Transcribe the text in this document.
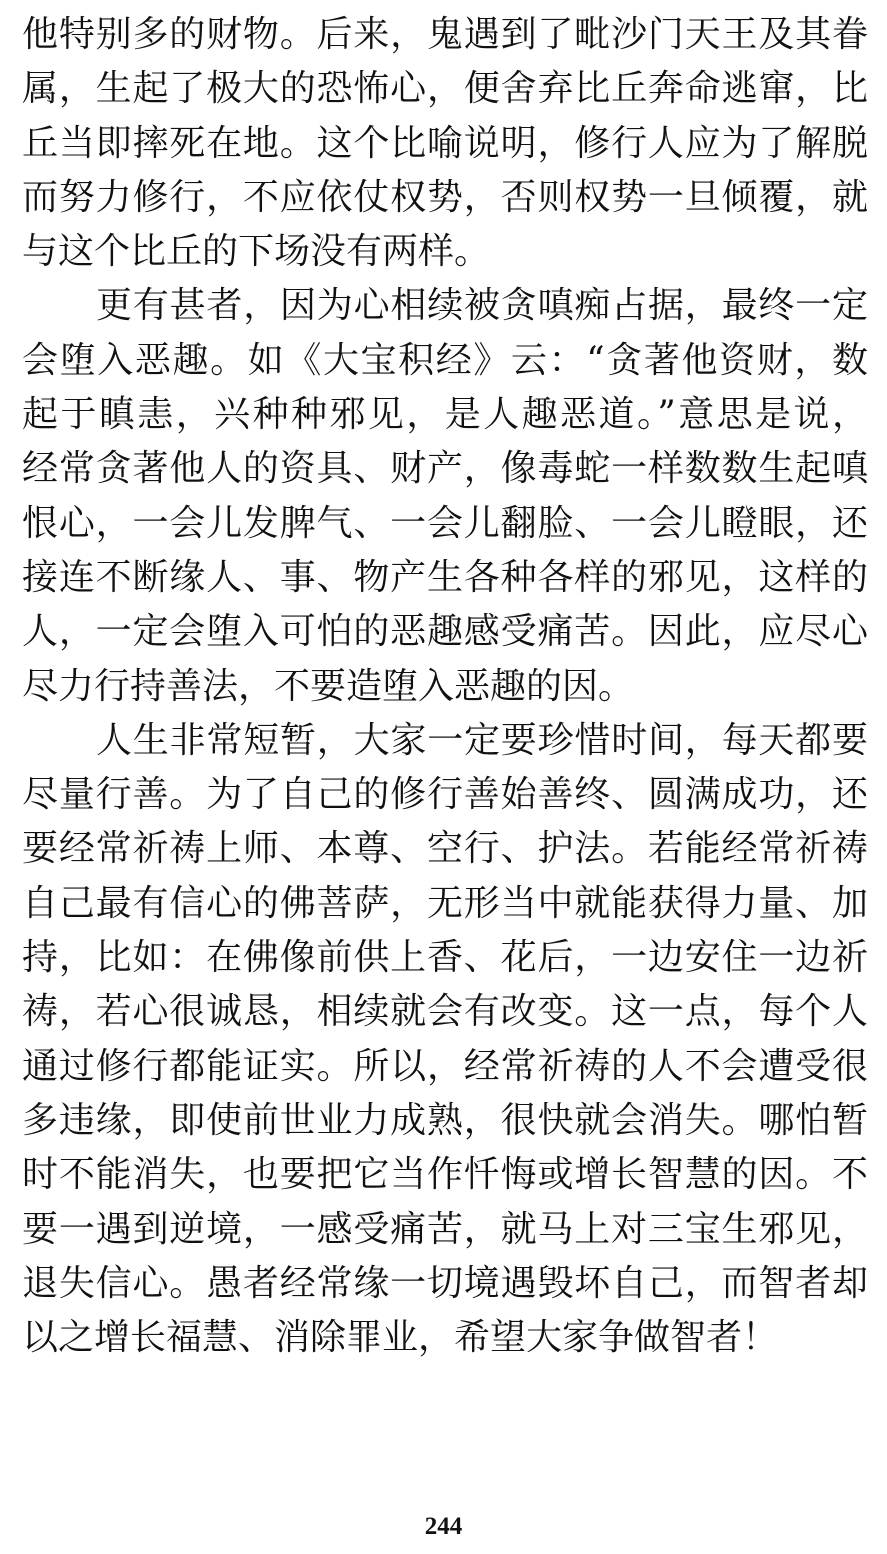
他特别多的财物。后来，鬼遇到了毗沙门天王及其眷
属，生起了极大的恐怖心，便舍弃比丘奔命逃窜，比
丘当即摔死在地。这个比喻说明，修行人应为了解脱
而努力修行，不应依仗权势，否则权势一旦倾覆，就
与这个比丘的下场没有两样。
更有甚者，因为心相续被贪嗔痴占据，最终一定
会堕入恶趣。如《大宝积经》云：“贪著他资财，数
起于瞋恚，兴种种邪见，是人趣恶道。”意思是说，
经常贪著他人的资具、财产，像毒蛇一样数数生起嗔
恨心，一会儿发脾气、一会儿翻脸、一会儿瞪眼，还
接连不断缘人、事、物产生各种各样的邪见，这样的
人，一定会堕入可怕的恶趣感受痛苦。因此，应尽心
尽力行持善法，不要造堕入恶趣的因。
人生非常短暂，大家一定要珍惜时间，每天都要
尽量行善。为了自己的修行善始善终、圆满成功，还
要经常祈祷上师、本尊、空行、护法。若能经常祈祷
自己最有信心的佛菩萨，无形当中就能获得力量、加
持，比如：在佛像前供上香、花后，一边安住一边祈
祷，若心很诚恳，相续就会有改变。这一点，每个人
通过修行都能证实。所以，经常祈祷的人不会遭受很
多违缘，即使前世业力成熟，很快就会消失。哪怕暂
时不能消失，也要把它当作忏悔或增长智慧的因。不
要一遇到逆境，一感受痛苦，就马上对三宝生邪见，
退失信心。愚者经常缘一切境遇毁坏自己，而智者却
以之增长福慧、消除罪业，希望大家争做智者！
244
